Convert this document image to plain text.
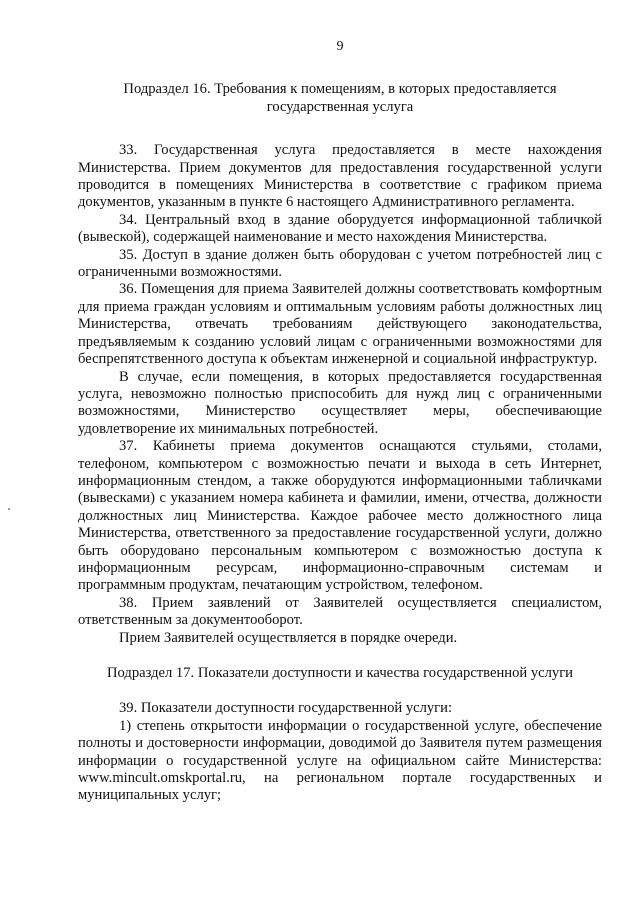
9
Подраздел 16. Требования к помещениям, в которых предоставляется
государственная услуга

33. Государственная услуга предоставляется в месте нахождения Министерства. Прием документов для предоставления государственной услуги проводится в помещениях Министерства в соответствие с графиком приема документов, указанным в пункте 6 настоящего Административного регламента.

34. Центральный вход в здание оборудуется информационной табличкой (вывеской), содержащей наименование и место нахождения Министерства.

35. Доступ в здание должен быть оборудован с учетом потребностей лиц с ограниченными возможностями.

36. Помещения для приема Заявителей должны соответствовать комфортным для приема граждан условиям и оптимальным условиям работы должностных лиц Министерства, отвечать требованиям действующего законодательства, предъявляемым к созданию условий лицам с ограниченными возможностями для беспрепятственного доступа к объектам инженерной и социальной инфраструктур.

В случае, если помещения, в которых предоставляется государственная услуга, невозможно полностью приспособить для нужд лиц с ограниченными возможностями, Министерство осуществляет меры, обеспечивающие удовлетворение их минимальных потребностей.

37. Кабинеты приема документов оснащаются стульями, столами, телефоном, компьютером с возможностью печати и выхода в сеть Интернет, информационным стендом, а также оборудуются информационными табличками (вывесками) с указанием номера кабинета и фамилии, имени, отчества, должности должностных лиц Министерства. Каждое рабочее место должностного лица Министерства, ответственного за предоставление государственной услуги, должно быть оборудовано персональным компьютером с возможностью доступа к информационным ресурсам, информационно-справочным системам и программным продуктам, печатающим устройством, телефоном.

38. Прием заявлений от Заявителей осуществляется специалистом, ответственным за документооборот.

Прием Заявителей осуществляется в порядке очереди.

Подраздел 17. Показатели доступности и качества государственной услуги

39. Показатели доступности государственной услуги:

1) степень открытости информации о государственной услуге, обеспечение полноты и достоверности информации, доводимой до Заявителя путем размещения информации о государственной услуге на официальном сайте Министерства: www.mincult.omskportal.ru, на региональном портале государственных и муниципальных услуг;
